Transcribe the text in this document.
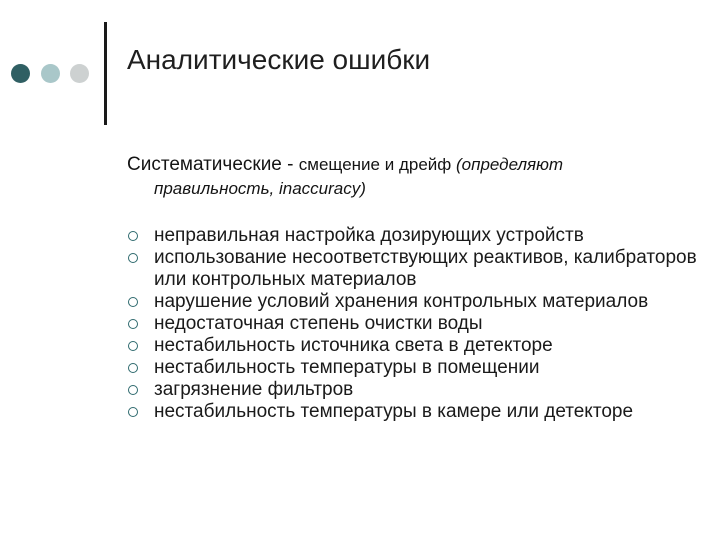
Аналитические ошибки
Систематические - смещение и дрейф (определяют
правильность, inaccuracy)
неправильная настройка дозирующих устройств
использование несоответствующих реактивов, калибраторов или контрольных материалов
нарушение условий хранения контрольных материалов
недостаточная степень очистки воды
нестабильность источника света в детекторе
нестабильность температуры в помещении
загрязнение фильтров
нестабильность температуры в камере или детекторе
